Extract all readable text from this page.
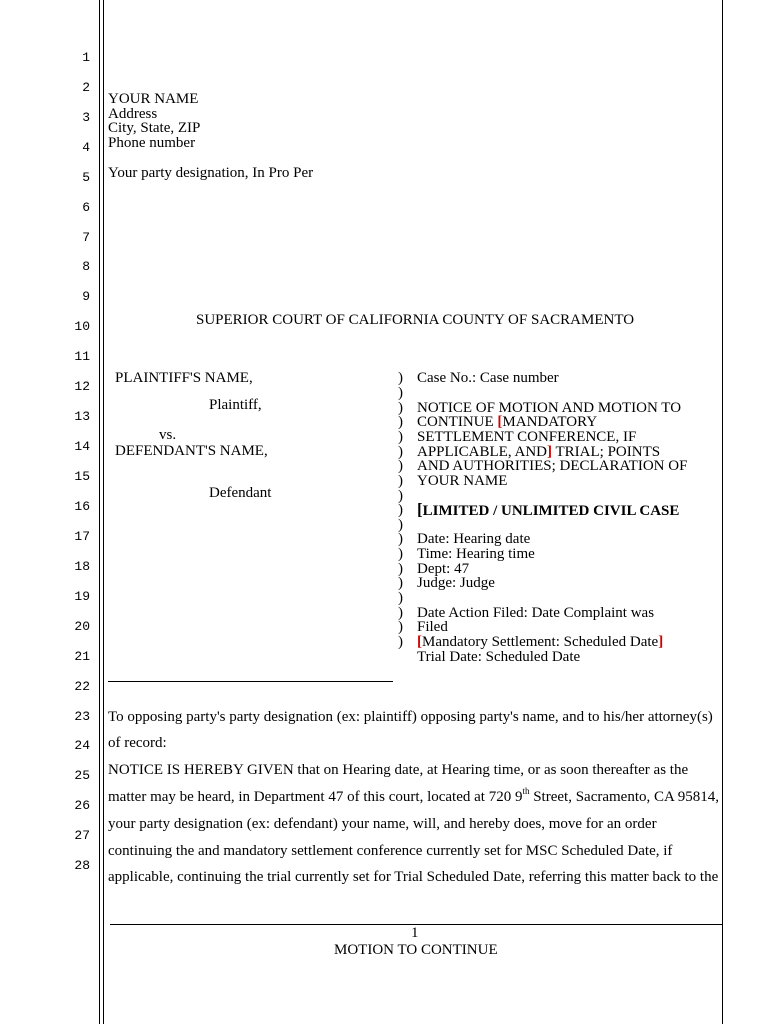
1
2
3
4
5
6
7
8
9
10
11
12
13
14
15
16
17
18
19
20
21
22
23
24
25
26
27
28
YOUR NAME
Address
City, State, ZIP
Phone number
Your party designation, In Pro Per
SUPERIOR COURT OF CALIFORNIA COUNTY OF SACRAMENTO
PLAINTIFF'S NAME,
Plaintiff,
vs.
DEFENDANT'S NAME,
Defendant
)
)
)
)
)
)
)
)
)
)
)
)
)
)
)
)
)
)
)
Case No.: Case number
NOTICE OF MOTION AND MOTION TO
CONTINUE [MANDATORY
SETTLEMENT CONFERENCE, IF
APPLICABLE, AND] TRIAL; POINTS
AND AUTHORITIES; DECLARATION OF
YOUR NAME
[LIMITED / UNLIMITED CIVIL CASE
Date: Hearing date
Time: Hearing time
Dept: 47
Judge: Judge
Date Action Filed: Date Complaint was
Filed
[Mandatory Settlement: Scheduled Date]
Trial Date: Scheduled Date
To opposing party's party designation (ex: plaintiff) opposing party's name, and to his/her attorney(s)
of record:
NOTICE IS HEREBY GIVEN that on Hearing date, at Hearing time, or as soon thereafter as the
matter may be heard, in Department 47 of this court, located at 720 9th Street, Sacramento, CA 95814,
your party designation (ex: defendant) your name, will, and hereby does, move for an order
continuing the and mandatory settlement conference currently set for MSC Scheduled Date, if
applicable, continuing the trial currently set for Trial Scheduled Date, referring this matter back to the
1
MOTION TO CONTINUE
